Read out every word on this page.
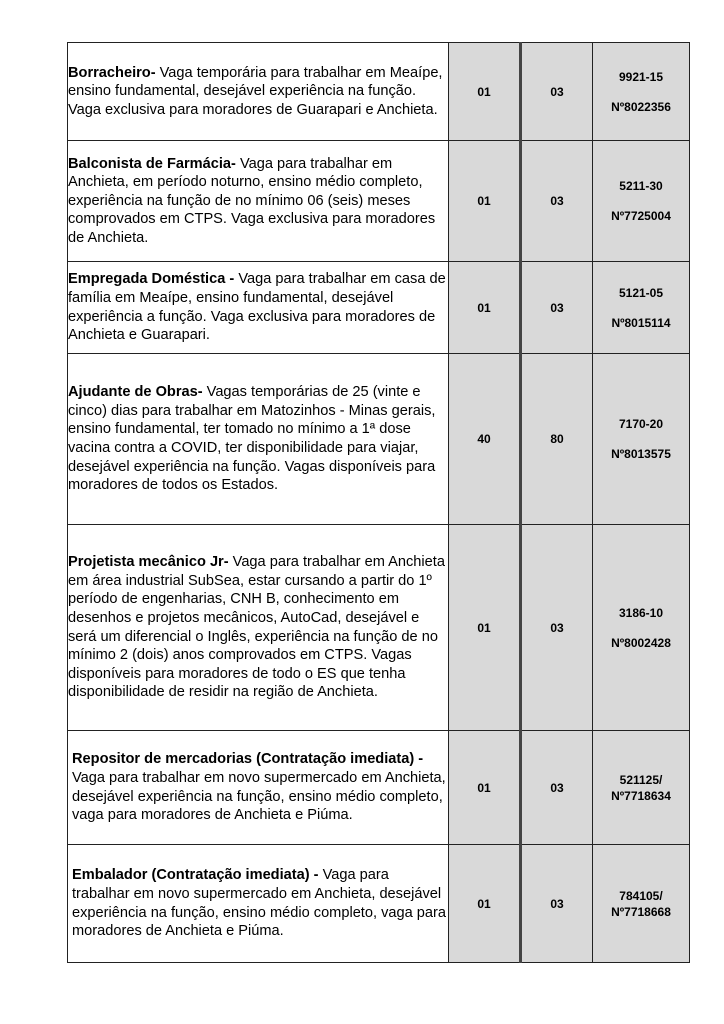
Borracheiro- Vaga temporária para trabalhar em Meaípe, ensino fundamental, desejável experiência na função. Vaga exclusiva para moradores de Guarapari e Anchieta.	01	03	9921-15
Nº8022356

Balconista de Farmácia- Vaga para trabalhar em Anchieta, em período noturno, ensino médio completo, experiência na função de no mínimo 06 (seis) meses comprovados em CTPS. Vaga exclusiva para moradores de Anchieta.	01	03	5211-30
Nº7725004

Empregada Doméstica - Vaga para trabalhar em casa de família em Meaípe, ensino fundamental, desejável experiência a função. Vaga exclusiva para moradores de Anchieta e Guarapari.	01	03	5121-05
Nº8015114

Ajudante de Obras- Vagas temporárias de 25 (vinte e cinco) dias para trabalhar em Matozinhos - Minas gerais, ensino fundamental, ter tomado no mínimo a 1ª dose vacina contra a COVID, ter disponibilidade para viajar, desejável experiência na função. Vagas disponíveis para moradores de todos os Estados.	40	80	7170-20
Nº8013575

Projetista mecânico Jr- Vaga para trabalhar em Anchieta em área industrial SubSea, estar cursando a partir do 1º período de engenharias, CNH B, conhecimento em desenhos e projetos mecânicos, AutoCad, desejável e será um diferencial o Inglês, experiência na função de no mínimo 2 (dois) anos comprovados em CTPS. Vagas disponíveis para moradores de todo o ES que tenha disponibilidade de residir na região de Anchieta.	01	03	3186-10
Nº8002428

Repositor de mercadorias (Contratação imediata) - Vaga para trabalhar em novo supermercado em Anchieta, desejável experiência na função, ensino médio completo, vaga para moradores de Anchieta e Piúma.	01	03	521125/
Nº7718634

Embalador (Contratação imediata) - Vaga para trabalhar em novo supermercado em Anchieta, desejável experiência na função, ensino médio completo, vaga para moradores de Anchieta e Piúma.	01	03	784105/
Nº7718668
